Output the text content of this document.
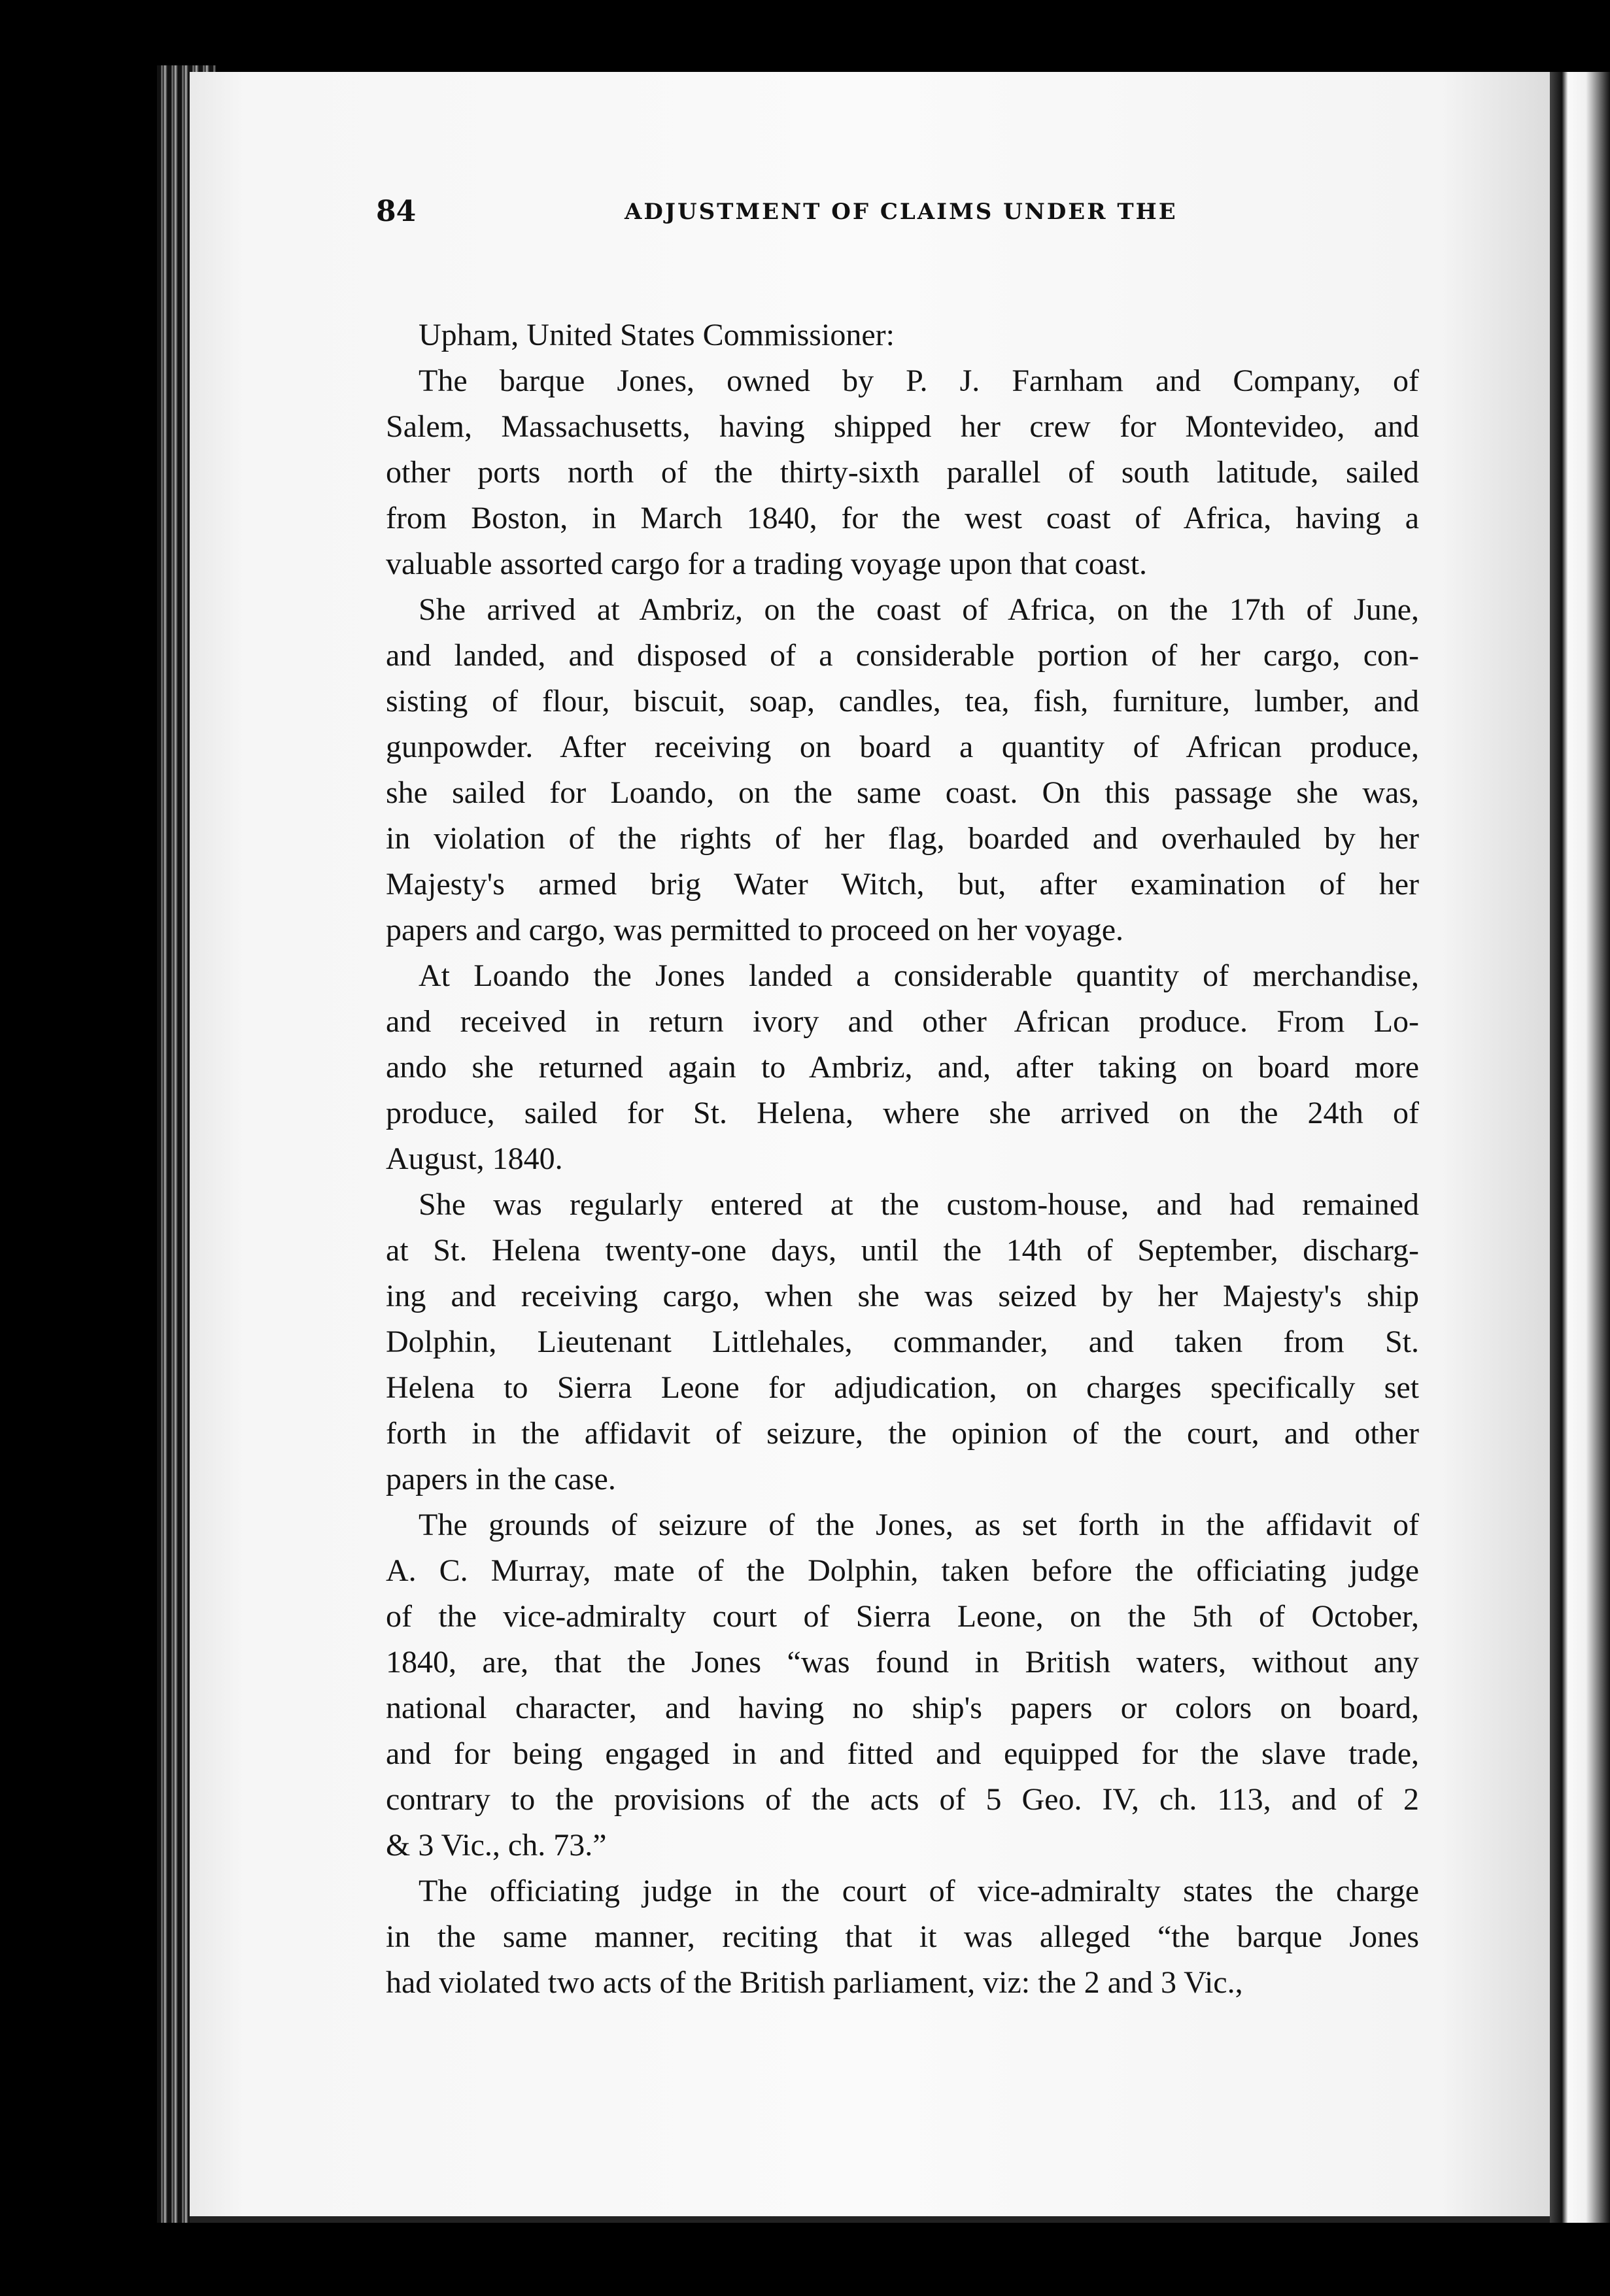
84	ADJUSTMENT OF CLAIMS UNDER THE
Upham, United States Commissioner:
The barque Jones, owned by P. J. Farnham and Company, of
Salem, Massachusetts, having shipped her crew for Montevideo, and
other ports north of the thirty-sixth parallel of south latitude, sailed
from Boston, in March 1840, for the west coast of Africa, having a
valuable assorted cargo for a trading voyage upon that coast.
She arrived at Ambriz, on the coast of Africa, on the 17th of June,
and landed, and disposed of a considerable portion of her cargo, con-
sisting of flour, biscuit, soap, candles, tea, fish, furniture, lumber, and
gunpowder. After receiving on board a quantity of African produce,
she sailed for Loando, on the same coast. On this passage she was,
in violation of the rights of her flag, boarded and overhauled by her
Majesty's armed brig Water Witch, but, after examination of her
papers and cargo, was permitted to proceed on her voyage.
At Loando the Jones landed a considerable quantity of merchandise,
and received in return ivory and other African produce. From Lo-
ando she returned again to Ambriz, and, after taking on board more
produce, sailed for St. Helena, where she arrived on the 24th of
August, 1840.
She was regularly entered at the custom-house, and had remained
at St. Helena twenty-one days, until the 14th of September, discharg-
ing and receiving cargo, when she was seized by her Majesty's ship
Dolphin, Lieutenant Littlehales, commander, and taken from St.
Helena to Sierra Leone for adjudication, on charges specifically set
forth in the affidavit of seizure, the opinion of the court, and other
papers in the case.
The grounds of seizure of the Jones, as set forth in the affidavit of
A. C. Murray, mate of the Dolphin, taken before the officiating judge
of the vice-admiralty court of Sierra Leone, on the 5th of October,
1840, are, that the Jones “was found in British waters, without any
national character, and having no ship's papers or colors on board,
and for being engaged in and fitted and equipped for the slave trade,
contrary to the provisions of the acts of 5 Geo. IV, ch. 113, and of 2
& 3 Vic., ch. 73.”
The officiating judge in the court of vice-admiralty states the charge
in the same manner, reciting that it was alleged “the barque Jones
had violated two acts of the British parliament, viz: the 2 and 3 Vic.,
